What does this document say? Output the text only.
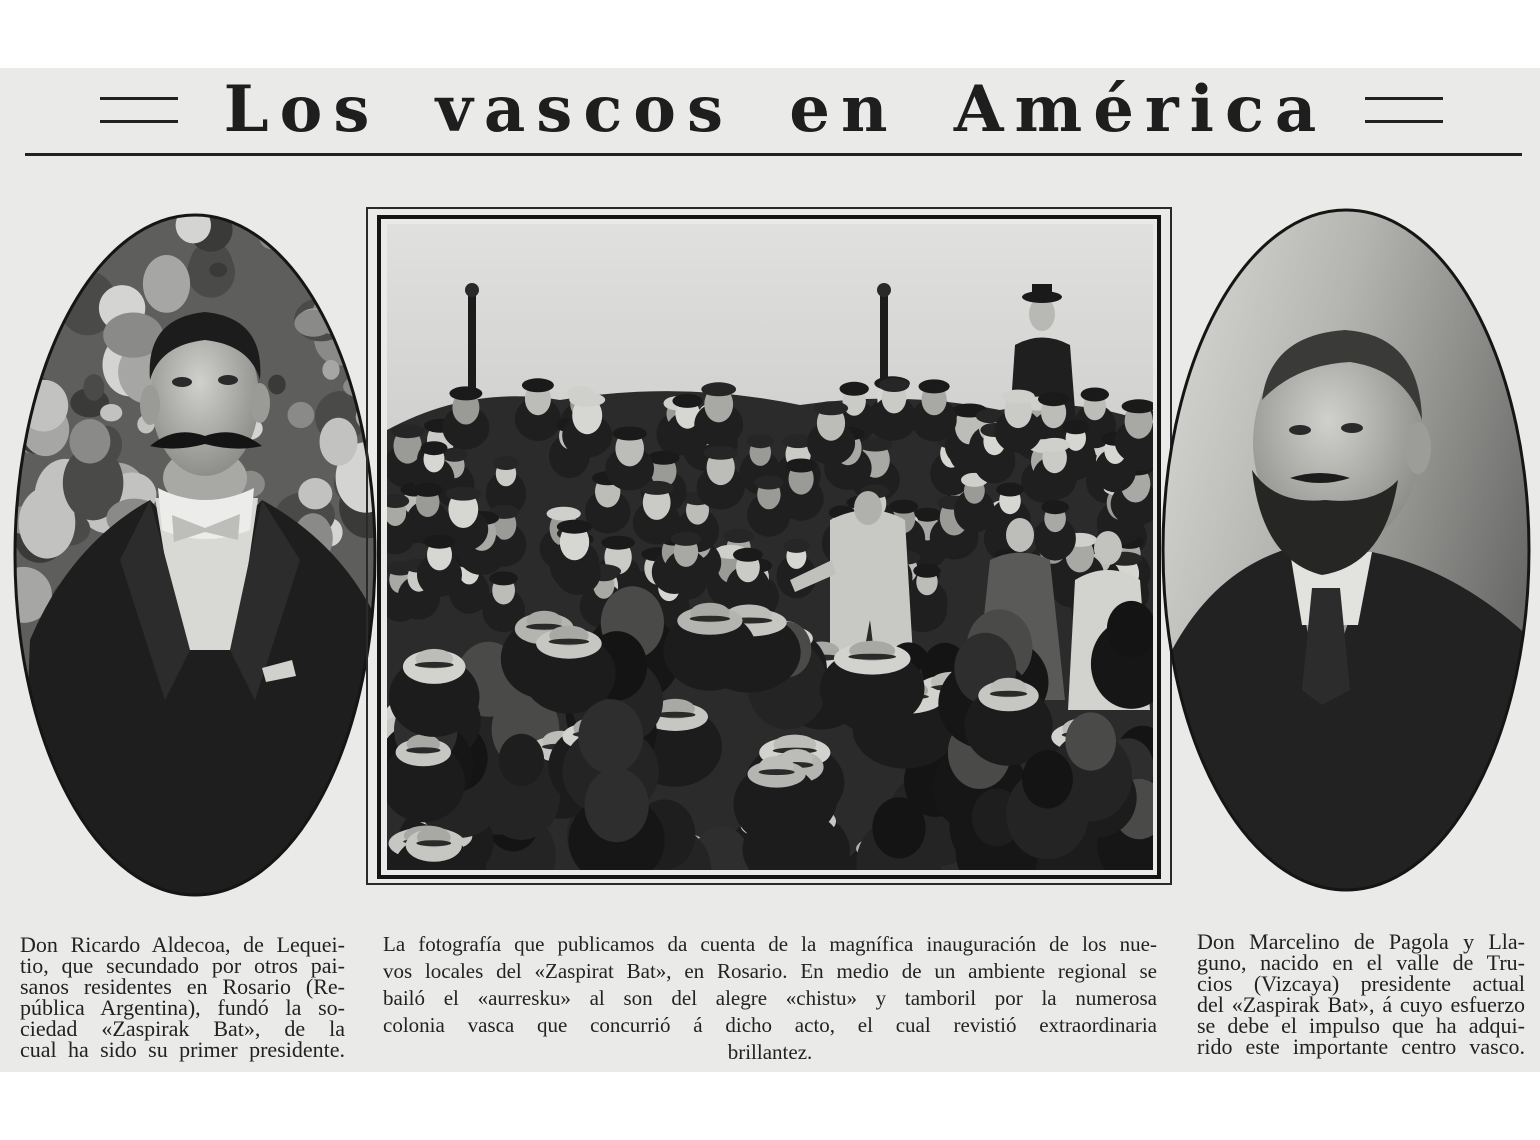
Los vascos en América
Don Ricardo Aldecoa, de Lequei-
tio, que secundado por otros pai-
sanos residentes en Rosario (Re-
pública Argentina), fundó la so-
ciedad «Zaspirak Bat», de la
cual ha sido su primer presidente.
La fotografía que publicamos da cuenta de la magnífica inauguración de los nue-
vos locales del «Zaspirat Bat», en Rosario. En medio de un ambiente regional se
bailó el «aurresku» al son del alegre «chistu» y tamboril por la numerosa
colonia vasca que concurrió á dicho acto, el cual revistió extraordinaria
brillantez.
Don Marcelino de Pagola y Lla-
guno, nacido en el valle de Tru-
cios (Vizcaya) presidente actual
del «Zaspirak Bat», á cuyo esfuerzo
se debe el impulso que ha adqui-
rido este importante centro vasco.
